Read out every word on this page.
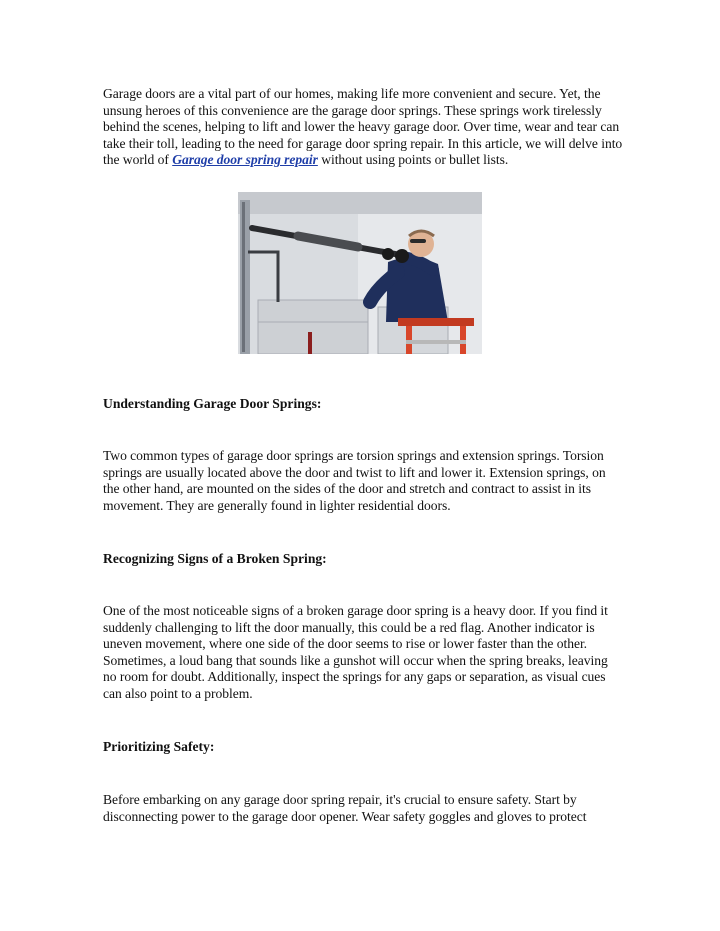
Garage doors are a vital part of our homes, making life more convenient and secure. Yet, the unsung heroes of this convenience are the garage door springs. These springs work tirelessly behind the scenes, helping to lift and lower the heavy garage door. Over time, wear and tear can take their toll, leading to the need for garage door spring repair. In this article, we will delve into the world of Garage door spring repair without using points or bullet lists.

Understanding Garage Door Springs:

Two common types of garage door springs are torsion springs and extension springs. Torsion springs are usually located above the door and twist to lift and lower it. Extension springs, on the other hand, are mounted on the sides of the door and stretch and contract to assist in its movement. They are generally found in lighter residential doors.

Recognizing Signs of a Broken Spring:

One of the most noticeable signs of a broken garage door spring is a heavy door. If you find it suddenly challenging to lift the door manually, this could be a red flag. Another indicator is uneven movement, where one side of the door seems to rise or lower faster than the other. Sometimes, a loud bang that sounds like a gunshot will occur when the spring breaks, leaving no room for doubt. Additionally, inspect the springs for any gaps or separation, as visual cues can also point to a problem.

Prioritizing Safety:

Before embarking on any garage door spring repair, it's crucial to ensure safety. Start by disconnecting power to the garage door opener. Wear safety goggles and gloves to protect
